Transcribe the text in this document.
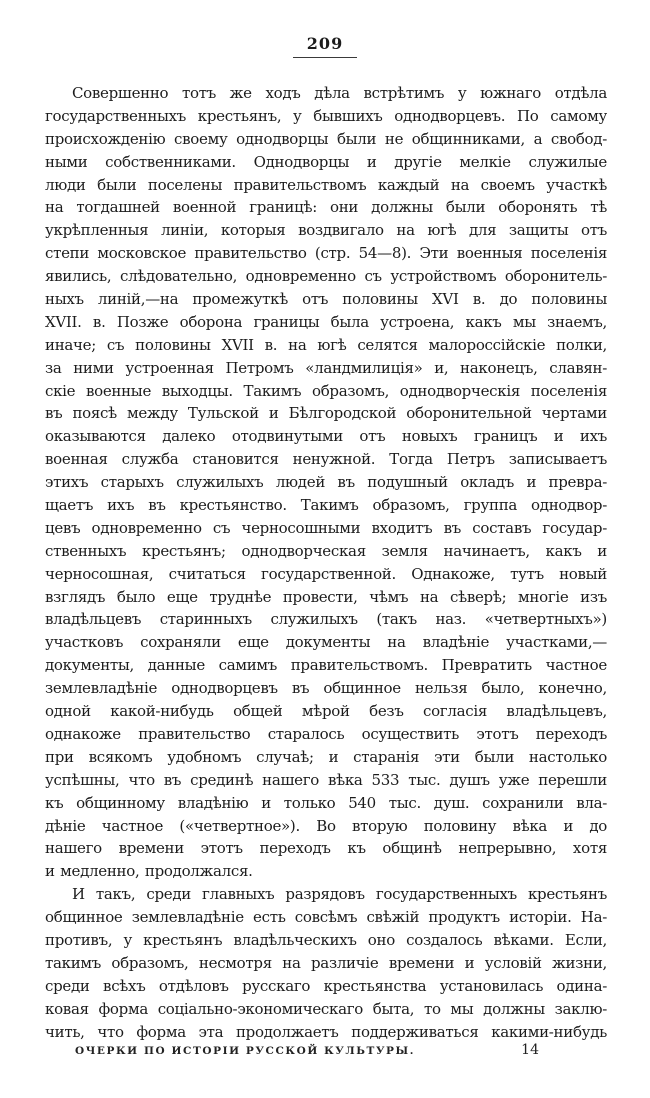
209
Совершенно тотъ же ходъ дѣла встрѣтимъ у южнаго отдѣла
государственныхъ крестьянъ, у бывшихъ однодворцевъ. По самому
происхожденію своему однодворцы были не общинниками, а свобод-
ными собственниками. Однодворцы и другіе мелкіе служилые
люди были поселены правительствомъ каждый на своемъ участкѣ
на тогдашней военной границѣ: они должны были оборонять тѣ
укрѣпленныя линіи, которыя воздвигало на югѣ для защиты отъ
степи московское правительство (стр. 54—8). Эти военныя поселенія
явились, слѣдовательно, одновременно съ устройствомъ оборонитель-
ныхъ линій,—на промежуткѣ отъ половины XVI в. до половины
XVII. в. Позже оборона границы была устроена, какъ мы знаемъ,
иначе; съ половины XVII в. на югѣ селятся малороссійскіе полки,
за ними устроенная Петромъ «ландмилиція» и, наконецъ, славян-
скіе военные выходцы. Такимъ образомъ, однодворческія поселенія
въ поясѣ между Тульской и Бѣлгородской оборонительной чертами
оказываются далеко отодвинутыми отъ новыхъ границъ и ихъ
военная служба становится ненужной. Тогда Петръ записываетъ
этихъ старыхъ служилыхъ людей въ подушный окладъ и превра-
щаетъ ихъ въ крестьянство. Такимъ образомъ, группа однодвор-
цевъ одновременно съ черносошными входитъ въ составъ государ-
ственныхъ крестьянъ; однодворческая земля начинаетъ, какъ и
черносошная, считаться государственной. Однакоже, тутъ новый
взглядъ было еще труднѣе провести, чѣмъ на сѣверѣ; многіе изъ
владѣльцевъ старинныхъ служилыхъ (такъ наз. «четвертныхъ»)
участковъ сохраняли еще документы на владѣніе участками,—
документы, данные самимъ правительствомъ. Превратить частное
землевладѣніе однодворцевъ въ общинное нельзя было, конечно,
одной какой-нибудь общей мѣрой безъ согласія владѣльцевъ,
однакоже правительство старалось осуществить этотъ переходъ
при всякомъ удобномъ случаѣ; и старанія эти были настолько
успѣшны, что въ срединѣ нашего вѣка 533 тыс. душъ уже перешли
къ общинному владѣнію и только 540 тыс. душ. сохранили вла-
дѣніе частное («четвертное»). Во вторую половину вѣка и до
нашего времени этотъ переходъ къ общинѣ непрерывно, хотя
и медленно, продолжался.
И такъ, среди главныхъ разрядовъ государственныхъ крестьянъ
общинное землевладѣніе есть совсѣмъ свѣжій продуктъ исторіи. На-
противъ, у крестьянъ владѣльческихъ оно создалось вѣками. Если,
такимъ образомъ, несмотря на различіе времени и условій жизни,
среди всѣхъ отдѣловъ русскаго крестьянства установилась одина-
ковая форма соціально-экономическаго быта, то мы должны заклю-
чить, что форма эта продолжаетъ поддерживаться какими-нибудь
ОЧЕРКИ ПО ИСТОРІИ РУССКОЙ КУЛЬТУРЫ.	14
